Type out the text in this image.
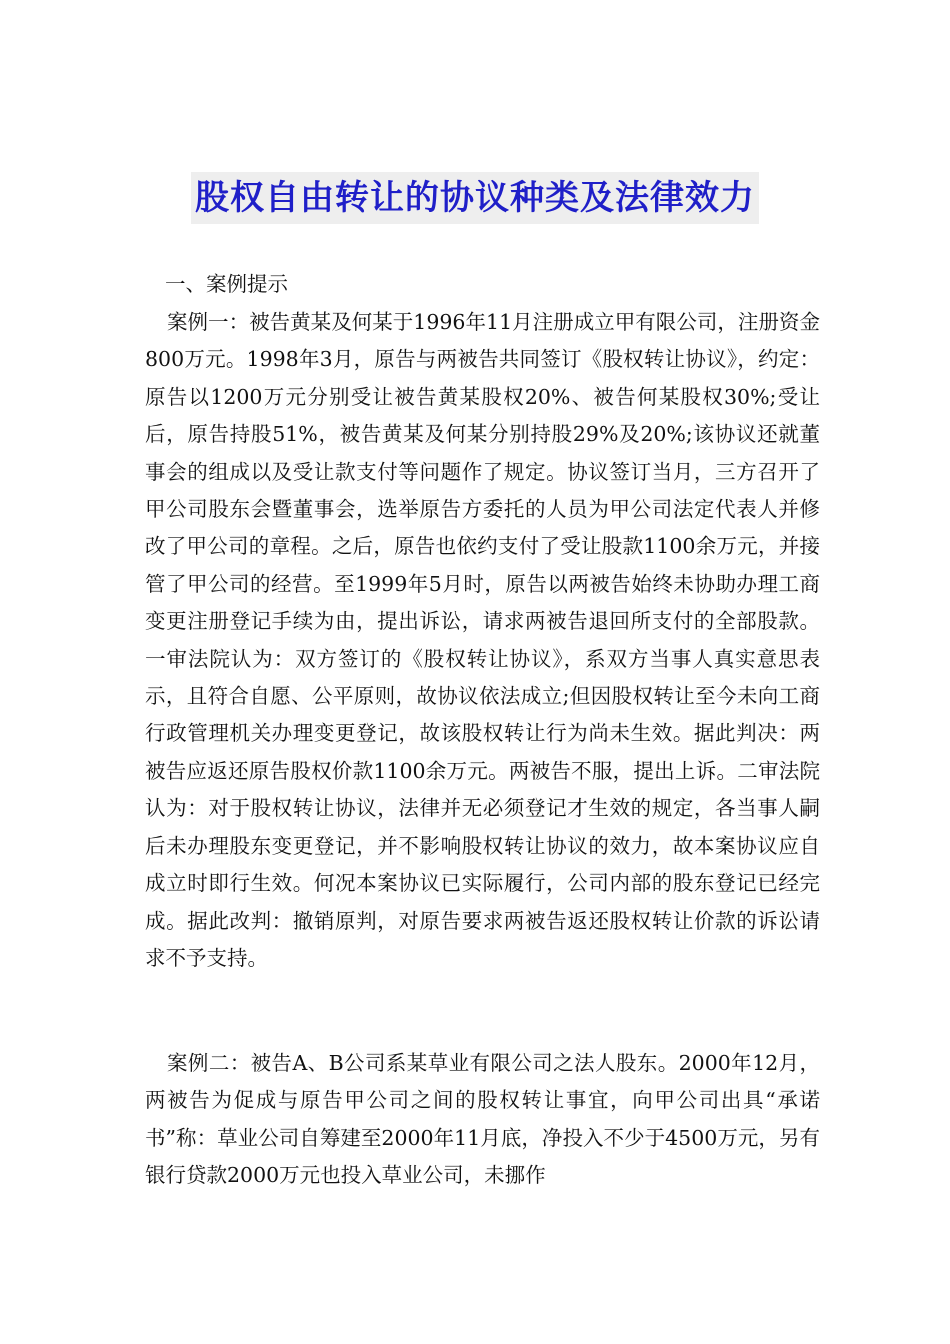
股权自由转让的协议种类及法律效力

一、案例提示

案例一：被告黄某及何某于1996年11月注册成立甲有限公司，注册资金800万元。1998年3月，原告与两被告共同签订《股权转让协议》，约定：原告以1200万元分别受让被告黄某股权20%、被告何某股权30%;受让后，原告持股51%，被告黄某及何某分别持股29%及20%;该协议还就董事会的组成以及受让款支付等问题作了规定。协议签订当月，三方召开了甲公司股东会暨董事会，选举原告方委托的人员为甲公司法定代表人并修改了甲公司的章程。之后，原告也依约支付了受让股款1100余万元，并接管了甲公司的经营。至1999年5月时，原告以两被告始终未协助办理工商变更注册登记手续为由，提出诉讼，请求两被告退回所支付的全部股款。一审法院认为：双方签订的《股权转让协议》，系双方当事人真实意思表示，且符合自愿、公平原则，故协议依法成立;但因股权转让至今未向工商行政管理机关办理变更登记，故该股权转让行为尚未生效。据此判决：两被告应返还原告股权价款1100余万元。两被告不服，提出上诉。二审法院认为：对于股权转让协议，法律并无必须登记才生效的规定，各当事人嗣后未办理股东变更登记，并不影响股权转让协议的效力，故本案协议应自成立时即行生效。何况本案协议已实际履行，公司内部的股东登记已经完成。据此改判：撤销原判，对原告要求两被告返还股权转让价款的诉讼请求不予支持。

案例二：被告A、B公司系某草业有限公司之法人股东。2000年12月，两被告为促成与原告甲公司之间的股权转让事宜，向甲公司出具“承诺书”称：草业公司自筹建至2000年11月底，净投入不少于4500万元，另有银行贷款2000万元也投入草业公司，未挪作
